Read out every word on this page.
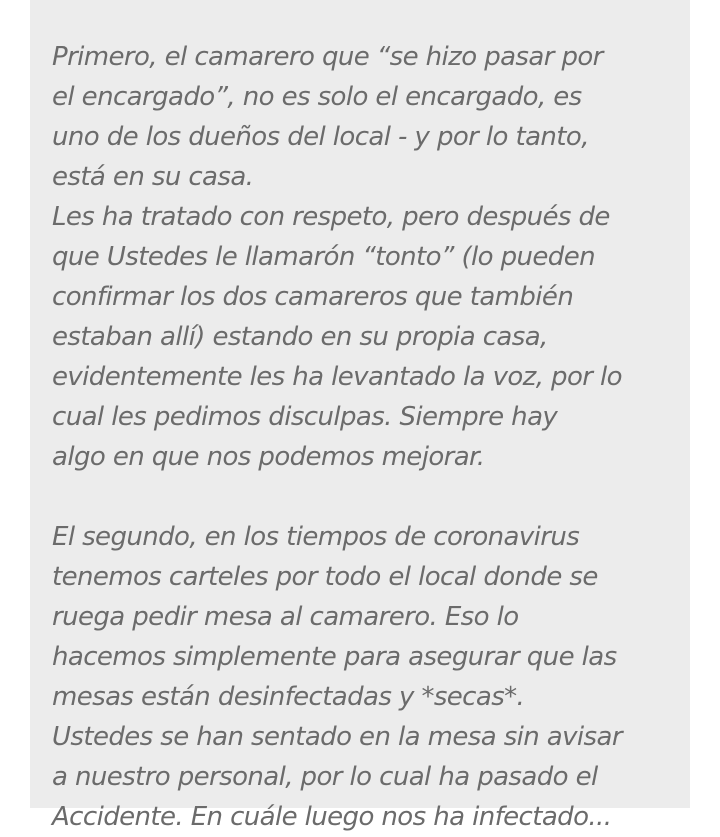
Primero, el camarero que “se hizo pasar por
el encargado”, no es solo el encargado, es
uno de los dueños del local - y por lo tanto,
está en su casa.
Les ha tratado con respeto, pero después de
que Ustedes le llamarón “tonto” (lo pueden
confirmar los dos camareros que también
estaban allí) estando en su propia casa,
evidentemente les ha levantado la voz, por lo
cual les pedimos disculpas. Siempre hay
algo en que nos podemos mejorar.
El segundo, en los tiempos de coronavirus
tenemos carteles por todo el local donde se
ruega pedir mesa al camarero. Eso lo
hacemos simplemente para asegurar que las
mesas están desinfectadas y *secas*.
Ustedes se han sentado en la mesa sin avisar
a nuestro personal, por lo cual ha pasado el
Accidente. En cuále luego nos ha infectado...
